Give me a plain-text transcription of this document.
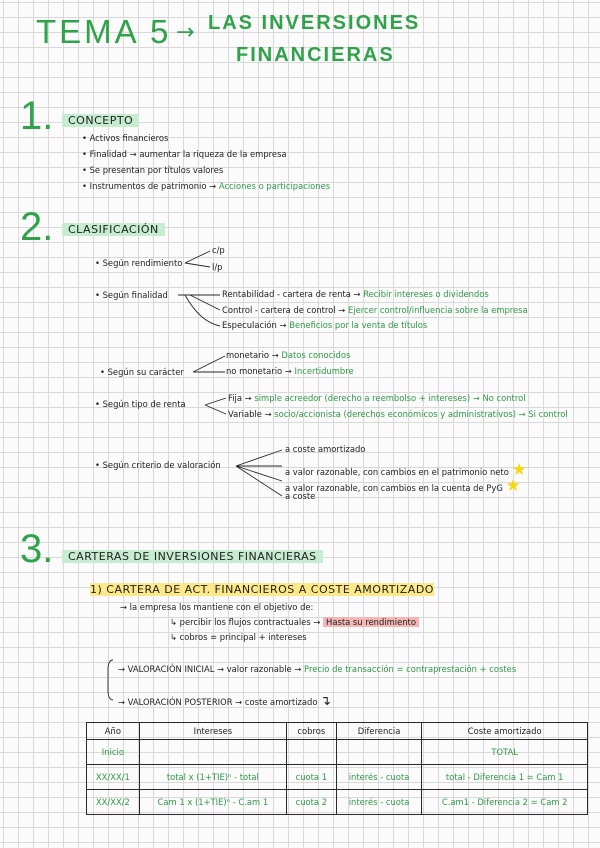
TEMA 5 → LAS INVERSIONES
FINANCIERAS
1.	CONCEPTO
• Activos financieros
• Finalidad → aumentar la riqueza de la empresa
• Se presentan por títulos valores
• Instrumentos de patrimonio → Acciones o participaciones
2.	CLASIFICACIÓN
• Según rendimiento
c/p
l/p
• Según finalidad	Rentabilidad - cartera de renta → Recibir intereses o dividendos
Control - cartera de control → Ejercer control/influencia sobre la empresa
Especulación → Beneficios por la venta de títulos
• Según su carácter
monetario → Datos conocidos
no monetario → Incertidumbre
• Según tipo de renta
Fija → simple acreedor (derecho a reembolso + intereses) → No control
Variable → socio/accionista (derechos económicos y administrativos) → Si control
• Según criterio de valoración
a coste amortizado
a valor razonable, con cambios en el patrimonio neto ★
a valor razonable, con cambios en la cuenta de PyG ★
a coste
3.	CARTERAS DE INVERSIONES FINANCIERAS
1) CARTERA DE ACT. FINANCIEROS A COSTE AMORTIZADO
→ la empresa los mantiene con el objetivo de:
↳ percibir los flujos contractuales → Hasta su rendimiento
↳ cobros = principal + intereses
→ VALORACIÓN INICIAL → valor razonable → Precio de transacción = contraprestación + costes
→ VALORACIÓN POSTERIOR → coste amortizado ↴
Año	Intereses	cobros	Diferencia	Coste amortizado
Inicio				TOTAL
XX/XX/1	total x (1+TIE)ⁿ - total	cuota 1	interés - cuota	total - Diferencia 1 = Cam 1
XX/XX/2	Cam 1 x (1+TIE)ⁿ - C.am 1	cuota 2	interés - cuota	C.am1 - Diferencia 2 = Cam 2
